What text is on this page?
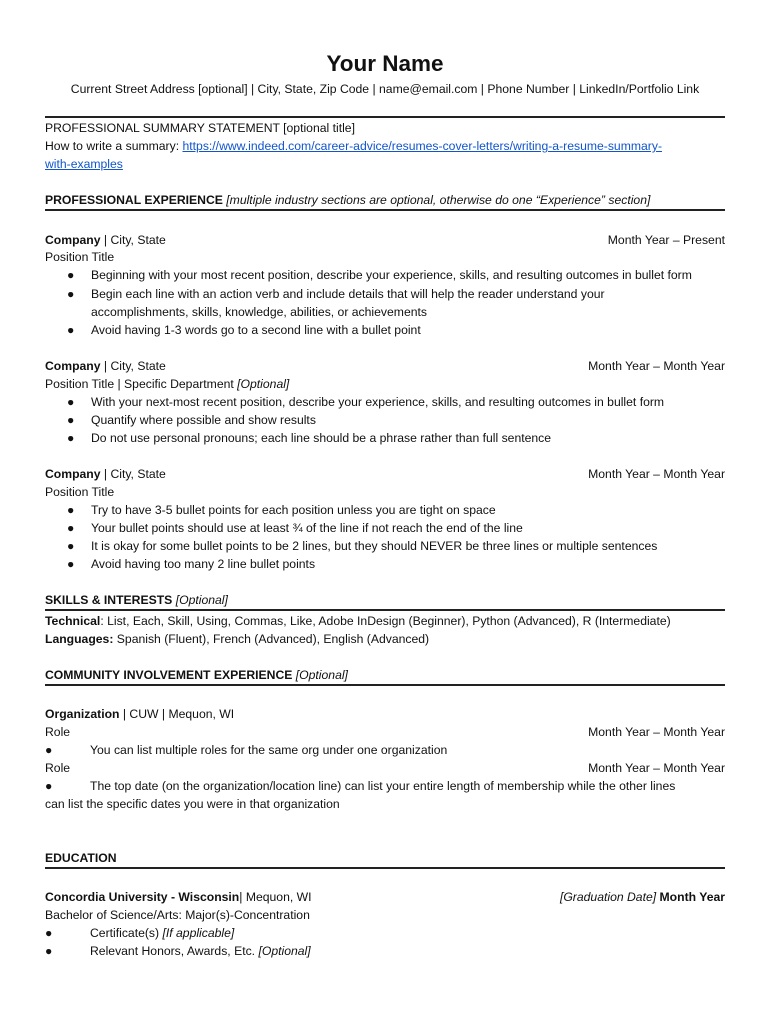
Your Name
Current Street Address [optional] | City, State, Zip Code | name@email.com | Phone Number | LinkedIn/Portfolio Link
PROFESSIONAL SUMMARY STATEMENT [optional title]
How to write a summary: https://www.indeed.com/career-advice/resumes-cover-letters/writing-a-resume-summary-
with-examples
PROFESSIONAL EXPERIENCE [multiple industry sections are optional, otherwise do one “Experience” section]
Company | City, State	Month Year – Present
Position Title
● Beginning with your most recent position, describe your experience, skills, and resulting outcomes in bullet form
● Begin each line with an action verb and include details that will help the reader understand your
accomplishments, skills, knowledge, abilities, or achievements
● Avoid having 1-3 words go to a second line with a bullet point
Company | City, State	Month Year – Month Year
Position Title | Specific Department [Optional]
● With your next-most recent position, describe your experience, skills, and resulting outcomes in bullet form
● Quantify where possible and show results
● Do not use personal pronouns; each line should be a phrase rather than full sentence
Company | City, State	Month Year – Month Year
Position Title
● Try to have 3-5 bullet points for each position unless you are tight on space
● Your bullet points should use at least ¾ of the line if not reach the end of the line
● It is okay for some bullet points to be 2 lines, but they should NEVER be three lines or multiple sentences
● Avoid having too many 2 line bullet points
SKILLS & INTERESTS [Optional]
Technical: List, Each, Skill, Using, Commas, Like, Adobe InDesign (Beginner), Python (Advanced), R (Intermediate)
Languages: Spanish (Fluent), French (Advanced), English (Advanced)
COMMUNITY INVOLVEMENT EXPERIENCE [Optional]
Organization | CUW | Mequon, WI
Role	Month Year – Month Year
●	You can list multiple roles for the same org under one organization
Role	Month Year – Month Year
●	The top date (on the organization/location line) can list your entire length of membership while the other lines
can list the specific dates you were in that organization
EDUCATION
Concordia University - Wisconsin| Mequon, WI	[Graduation Date] Month Year
Bachelor of Science/Arts: Major(s)-Concentration
●	Certificate(s) [If applicable]
●	Relevant Honors, Awards, Etc. [Optional]
